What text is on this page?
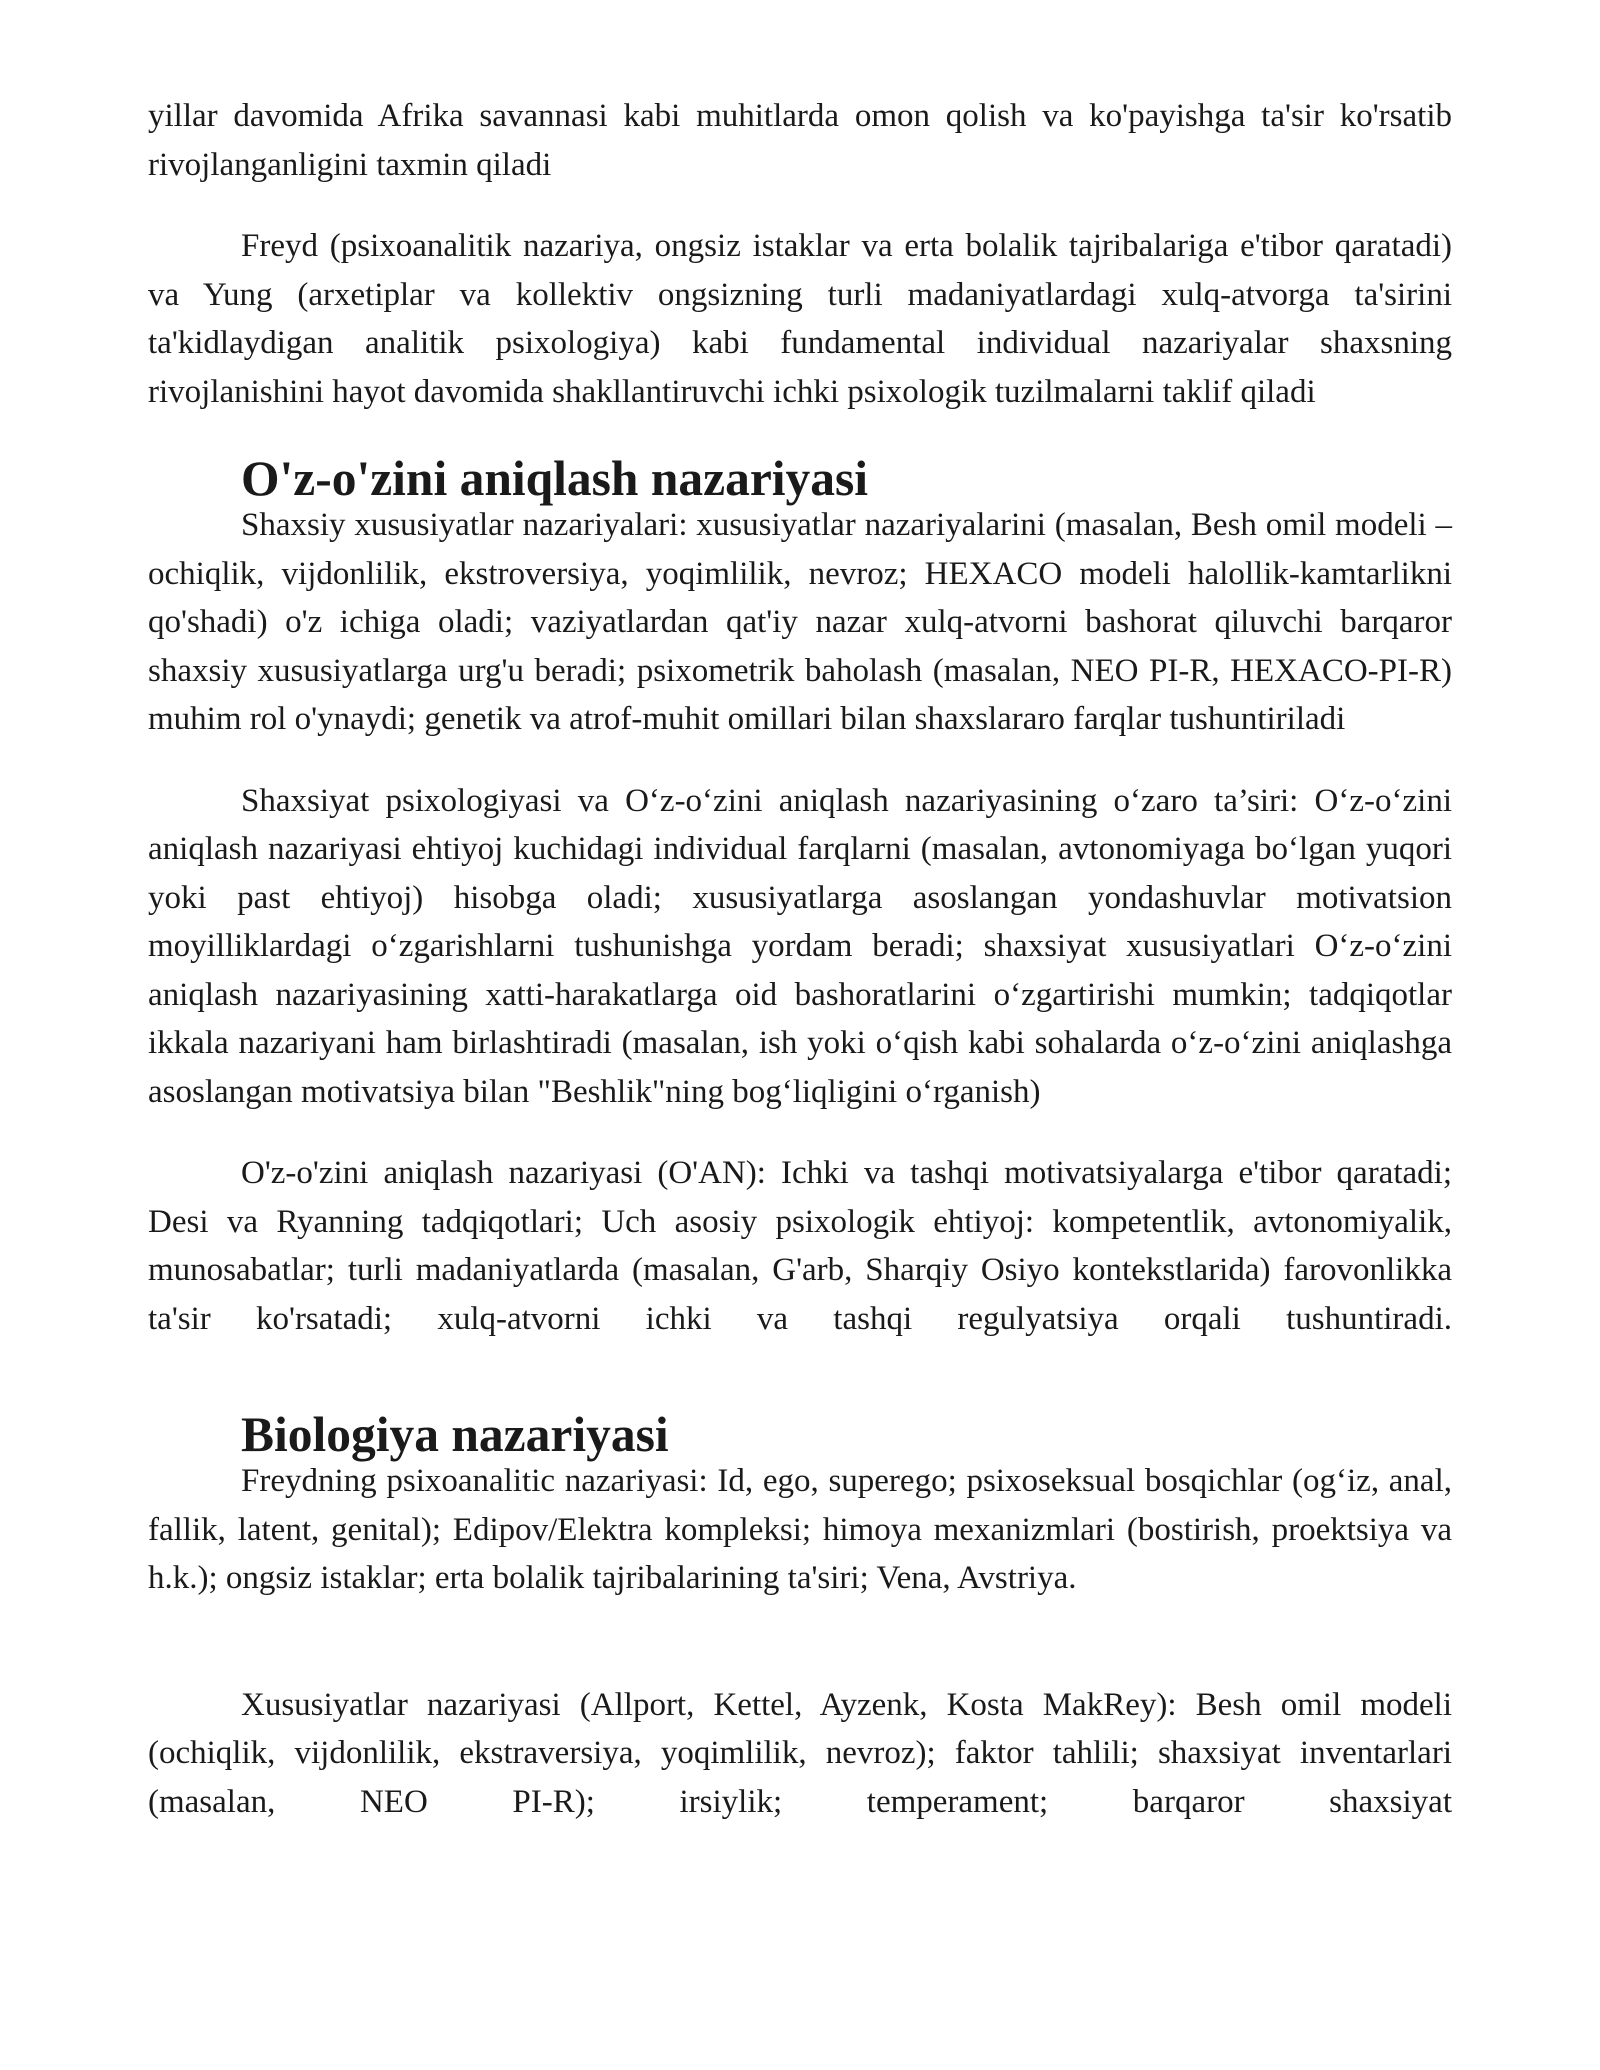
yillar davomida Afrika savannasi kabi muhitlarda omon qolish va ko'payishga ta'sir ko'rsatib rivojlanganligini taxmin qiladi

Freyd (psixoanalitik nazariya, ongsiz istaklar va erta bolalik tajribalariga e'tibor qaratadi) va Yung (arxetiplar va kollektiv ongsizning turli madaniyatlardagi xulq-atvorga ta'sirini ta'kidlaydigan analitik psixologiya) kabi fundamental individual nazariyalar shaxsning rivojlanishini hayot davomida shakllantiruvchi ichki psixologik tuzilmalarni taklif qiladi

O'z-o'zini aniqlash nazariyasi

Shaxsiy xususiyatlar nazariyalari: xususiyatlar nazariyalarini (masalan, Besh omil modeli – ochiqlik, vijdonlilik, ekstroversiya, yoqimlilik, nevroz; HEXACO modeli halollik-kamtarlikni qo'shadi) o'z ichiga oladi; vaziyatlardan qat'iy nazar xulq-atvorni bashorat qiluvchi barqaror shaxsiy xususiyatlarga urg'u beradi; psixometrik baholash (masalan, NEO PI-R, HEXACO-PI-R) muhim rol o'ynaydi; genetik va atrof-muhit omillari bilan shaxslararo farqlar tushuntiriladi

Shaxsiyat psixologiyasi va O‘z-o‘zini aniqlash nazariyasining o‘zaro ta’siri: O‘z-o‘zini aniqlash nazariyasi ehtiyoj kuchidagi individual farqlarni (masalan, avtonomiyaga bo‘lgan yuqori yoki past ehtiyoj) hisobga oladi; xususiyatlarga asoslangan yondashuvlar motivatsion moyilliklardagi o‘zgarishlarni tushunishga yordam beradi; shaxsiyat xususiyatlari O‘z-o‘zini aniqlash nazariyasining xatti-harakatlarga oid bashoratlarini o‘zgartirishi mumkin; tadqiqotlar ikkala nazariyani ham birlashtiradi (masalan, ish yoki o‘qish kabi sohalarda o‘z-o‘zini aniqlashga asoslangan motivatsiya bilan "Beshlik"ning bog‘liqligini o‘rganish)

O'z-o'zini aniqlash nazariyasi (O'AN): Ichki va tashqi motivatsiyalarga e'tibor qaratadi; Desi va Ryanning tadqiqotlari; Uch asosiy psixologik ehtiyoj: kompetentlik, avtonomiyalik, munosabatlar; turli madaniyatlarda (masalan, G'arb, Sharqiy Osiyo kontekstlarida) farovonlikka ta'sir ko'rsatadi; xulq-atvorni ichki va tashqi regulyatsiya orqali tushuntiradi.

Biologiya nazariyasi

Freydning psixoanalitic nazariyasi: Id, ego, superego; psixoseksual bosqichlar (og‘iz, anal, fallik, latent, genital); Edipov/Elektra kompleksi; himoya mexanizmlari (bostirish, proektsiya va h.k.); ongsiz istaklar; erta bolalik tajribalarining ta'siri; Vena, Avstriya.

Xususiyatlar nazariyasi (Allport, Kettel, Ayzenk, Kosta MakRey): Besh omil modeli (ochiqlik, vijdonlilik, ekstraversiya, yoqimlilik, nevroz); faktor tahlili; shaxsiyat inventarlari (masalan, NEO PI-R); irsiylik; temperament; barqaror shaxsiyat
